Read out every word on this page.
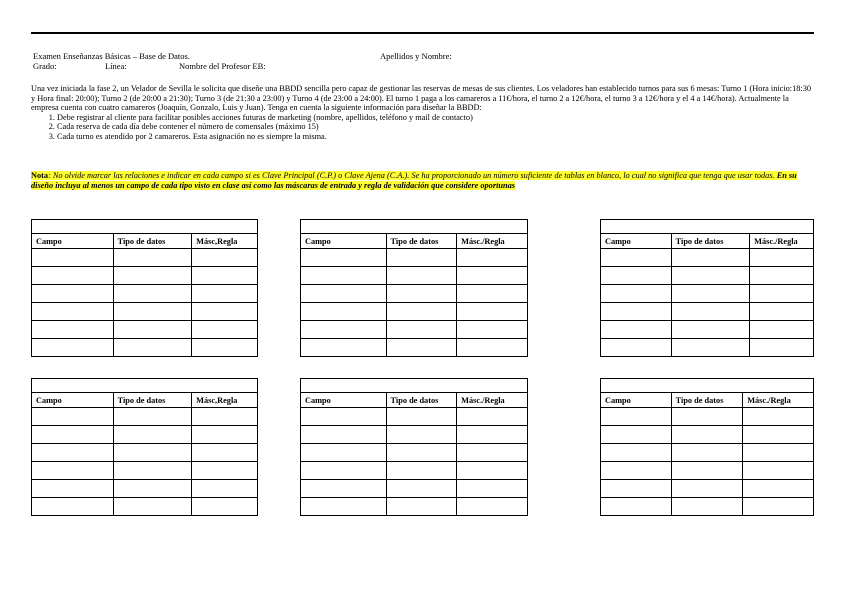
Examen Enseñanzas Básicas – Base de Datos.	Apellidos y Nombre:
Grado:	Línea:	Nombre del Profesor EB:

Una vez iniciada la fase 2, un Velador de Sevilla le solicita que diseñe una BBDD sencilla pero capaz de gestionar las reservas de mesas de sus clientes. Los veladores han establecido turnos para sus 6 mesas: Turno 1 (Hora inicio:18:30 y Hora final: 20:00); Turno 2 (de 20:00 a 21:30); Turno 3 (de 21:30 a 23:00) y Turno 4 (de 23:00 a 24:00). El turno 1 paga a los camareros a 11€/hora, el turno 2 a 12€/hora, el turno 3 a 12€/hora y el 4 a 14€/hora). Actualmente la empresa cuenta con cuatro camareros (Joaquín, Gonzalo, Luis y Juan). Tenga en cuenta la siguiente información para diseñar la BBDD:

1. Debe registrar al cliente para facilitar posibles acciones futuras de marketing (nombre, apellidos, teléfono y mail de contacto)
2. Cada reserva de cada día debe contener el número de comensales (máximo 15)
3. Cada turno es atendido por 2 camareros. Esta asignación no es siempre la misma.
Nota: No olvide marcar las relaciones e indicar en cada campo si es Clave Principal (C.P.) o Clave Ajena (C.A.). Se ha proporcionado un número suficiente de tablas en blanco, lo cual no significa que tenga que usar todas. En su diseño incluya al menos un campo de cada tipo visto en clase así como las máscaras de entrada y regla de validación que considere oportunas

Campo	Tipo de datos	Másc,Regla

			Campo	Tipo de datos	Másc./Regla

			Campo	Tipo de datos	Másc./Regla

Campo	Tipo de datos	Másc,Regla

			Campo	Tipo de datos	Másc./Regla

			Campo	Tipo de datos	Másc./Regla
